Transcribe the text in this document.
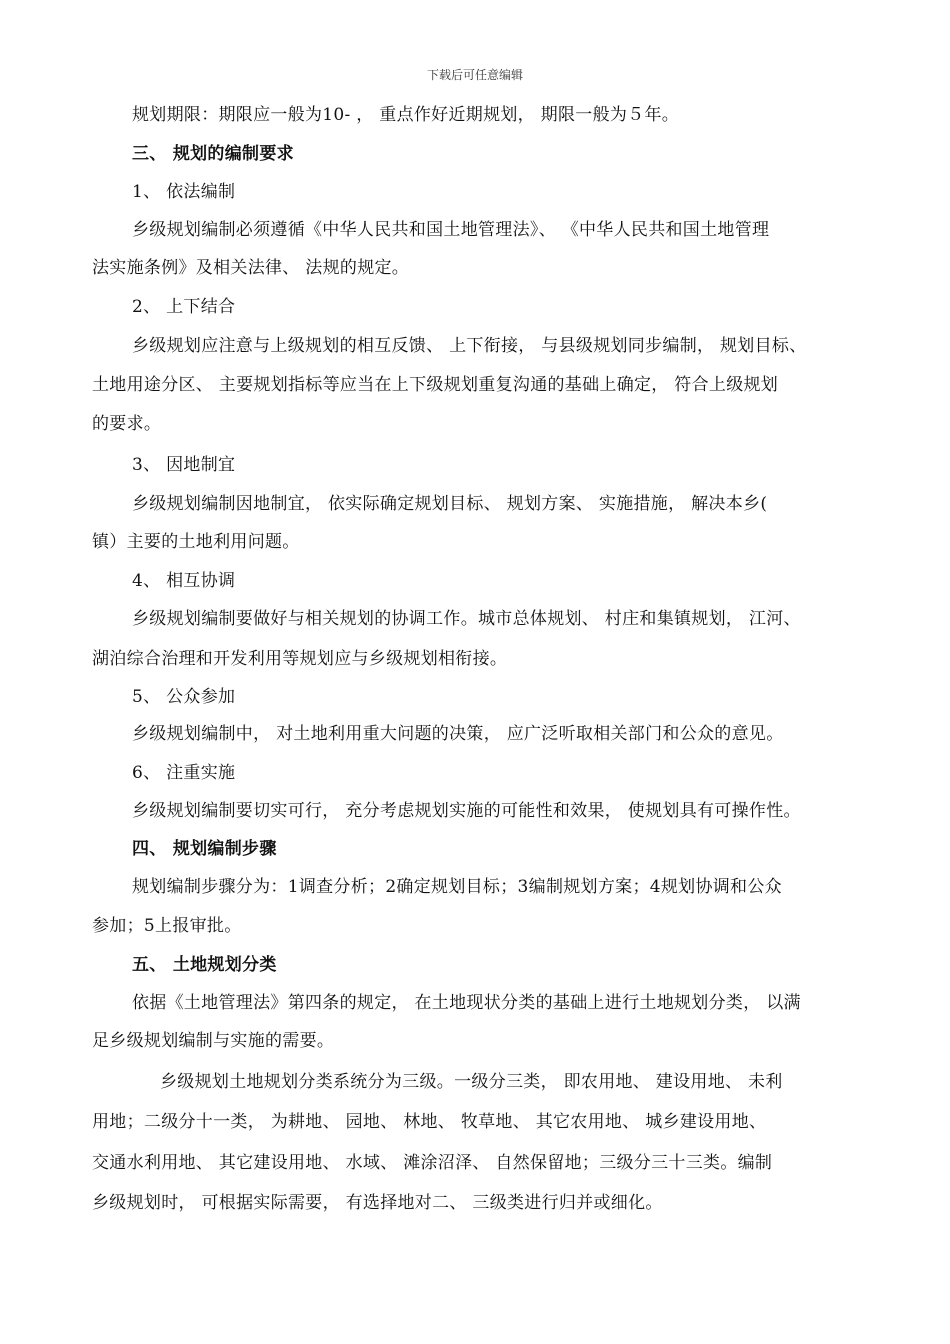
下载后可任意编辑
规划期限：期限应一般为10- ， 重点作好近期规划， 期限一般为５年。
三、 规划的编制要求
1、 依法编制
乡级规划编制必须遵循《中华人民共和国土地管理法》、 《中华人民共和国土地管理
法实施条例》及相关法律、 法规的规定。
2、 上下结合
乡级规划应注意与上级规划的相互反馈、 上下衔接， 与县级规划同步编制， 规划目标、
土地用途分区、 主要规划指标等应当在上下级规划重复沟通的基础上确定， 符合上级规划
的要求。
3、 因地制宜
乡级规划编制因地制宜， 依实际确定规划目标、 规划方案、 实施措施， 解决本乡(
镇）主要的土地利用问题。
4、 相互协调
乡级规划编制要做好与相关规划的协调工作。城市总体规划、 村庄和集镇规划， 江河、
湖泊综合治理和开发利用等规划应与乡级规划相衔接。
5、 公众参加
乡级规划编制中， 对土地利用重大问题的决策， 应广泛听取相关部门和公众的意见。
6、 注重实施
乡级规划编制要切实可行， 充分考虑规划实施的可能性和效果， 使规划具有可操作性。
四、 规划编制步骤
规划编制步骤分为：1调查分析；2确定规划目标；3编制规划方案；4规划协调和公众
参加；5上报审批。
五、 土地规划分类
依据《土地管理法》第四条的规定， 在土地现状分类的基础上进行土地规划分类， 以满
足乡级规划编制与实施的需要。
乡级规划土地规划分类系统分为三级。一级分三类， 即农用地、 建设用地、 未利
用地；二级分十一类， 为耕地、 园地、 林地、 牧草地、 其它农用地、 城乡建设用地、
交通水利用地、 其它建设用地、 水域、 滩涂沼泽、 自然保留地；三级分三十三类。编制
乡级规划时， 可根据实际需要， 有选择地对二、 三级类进行归并或细化。
